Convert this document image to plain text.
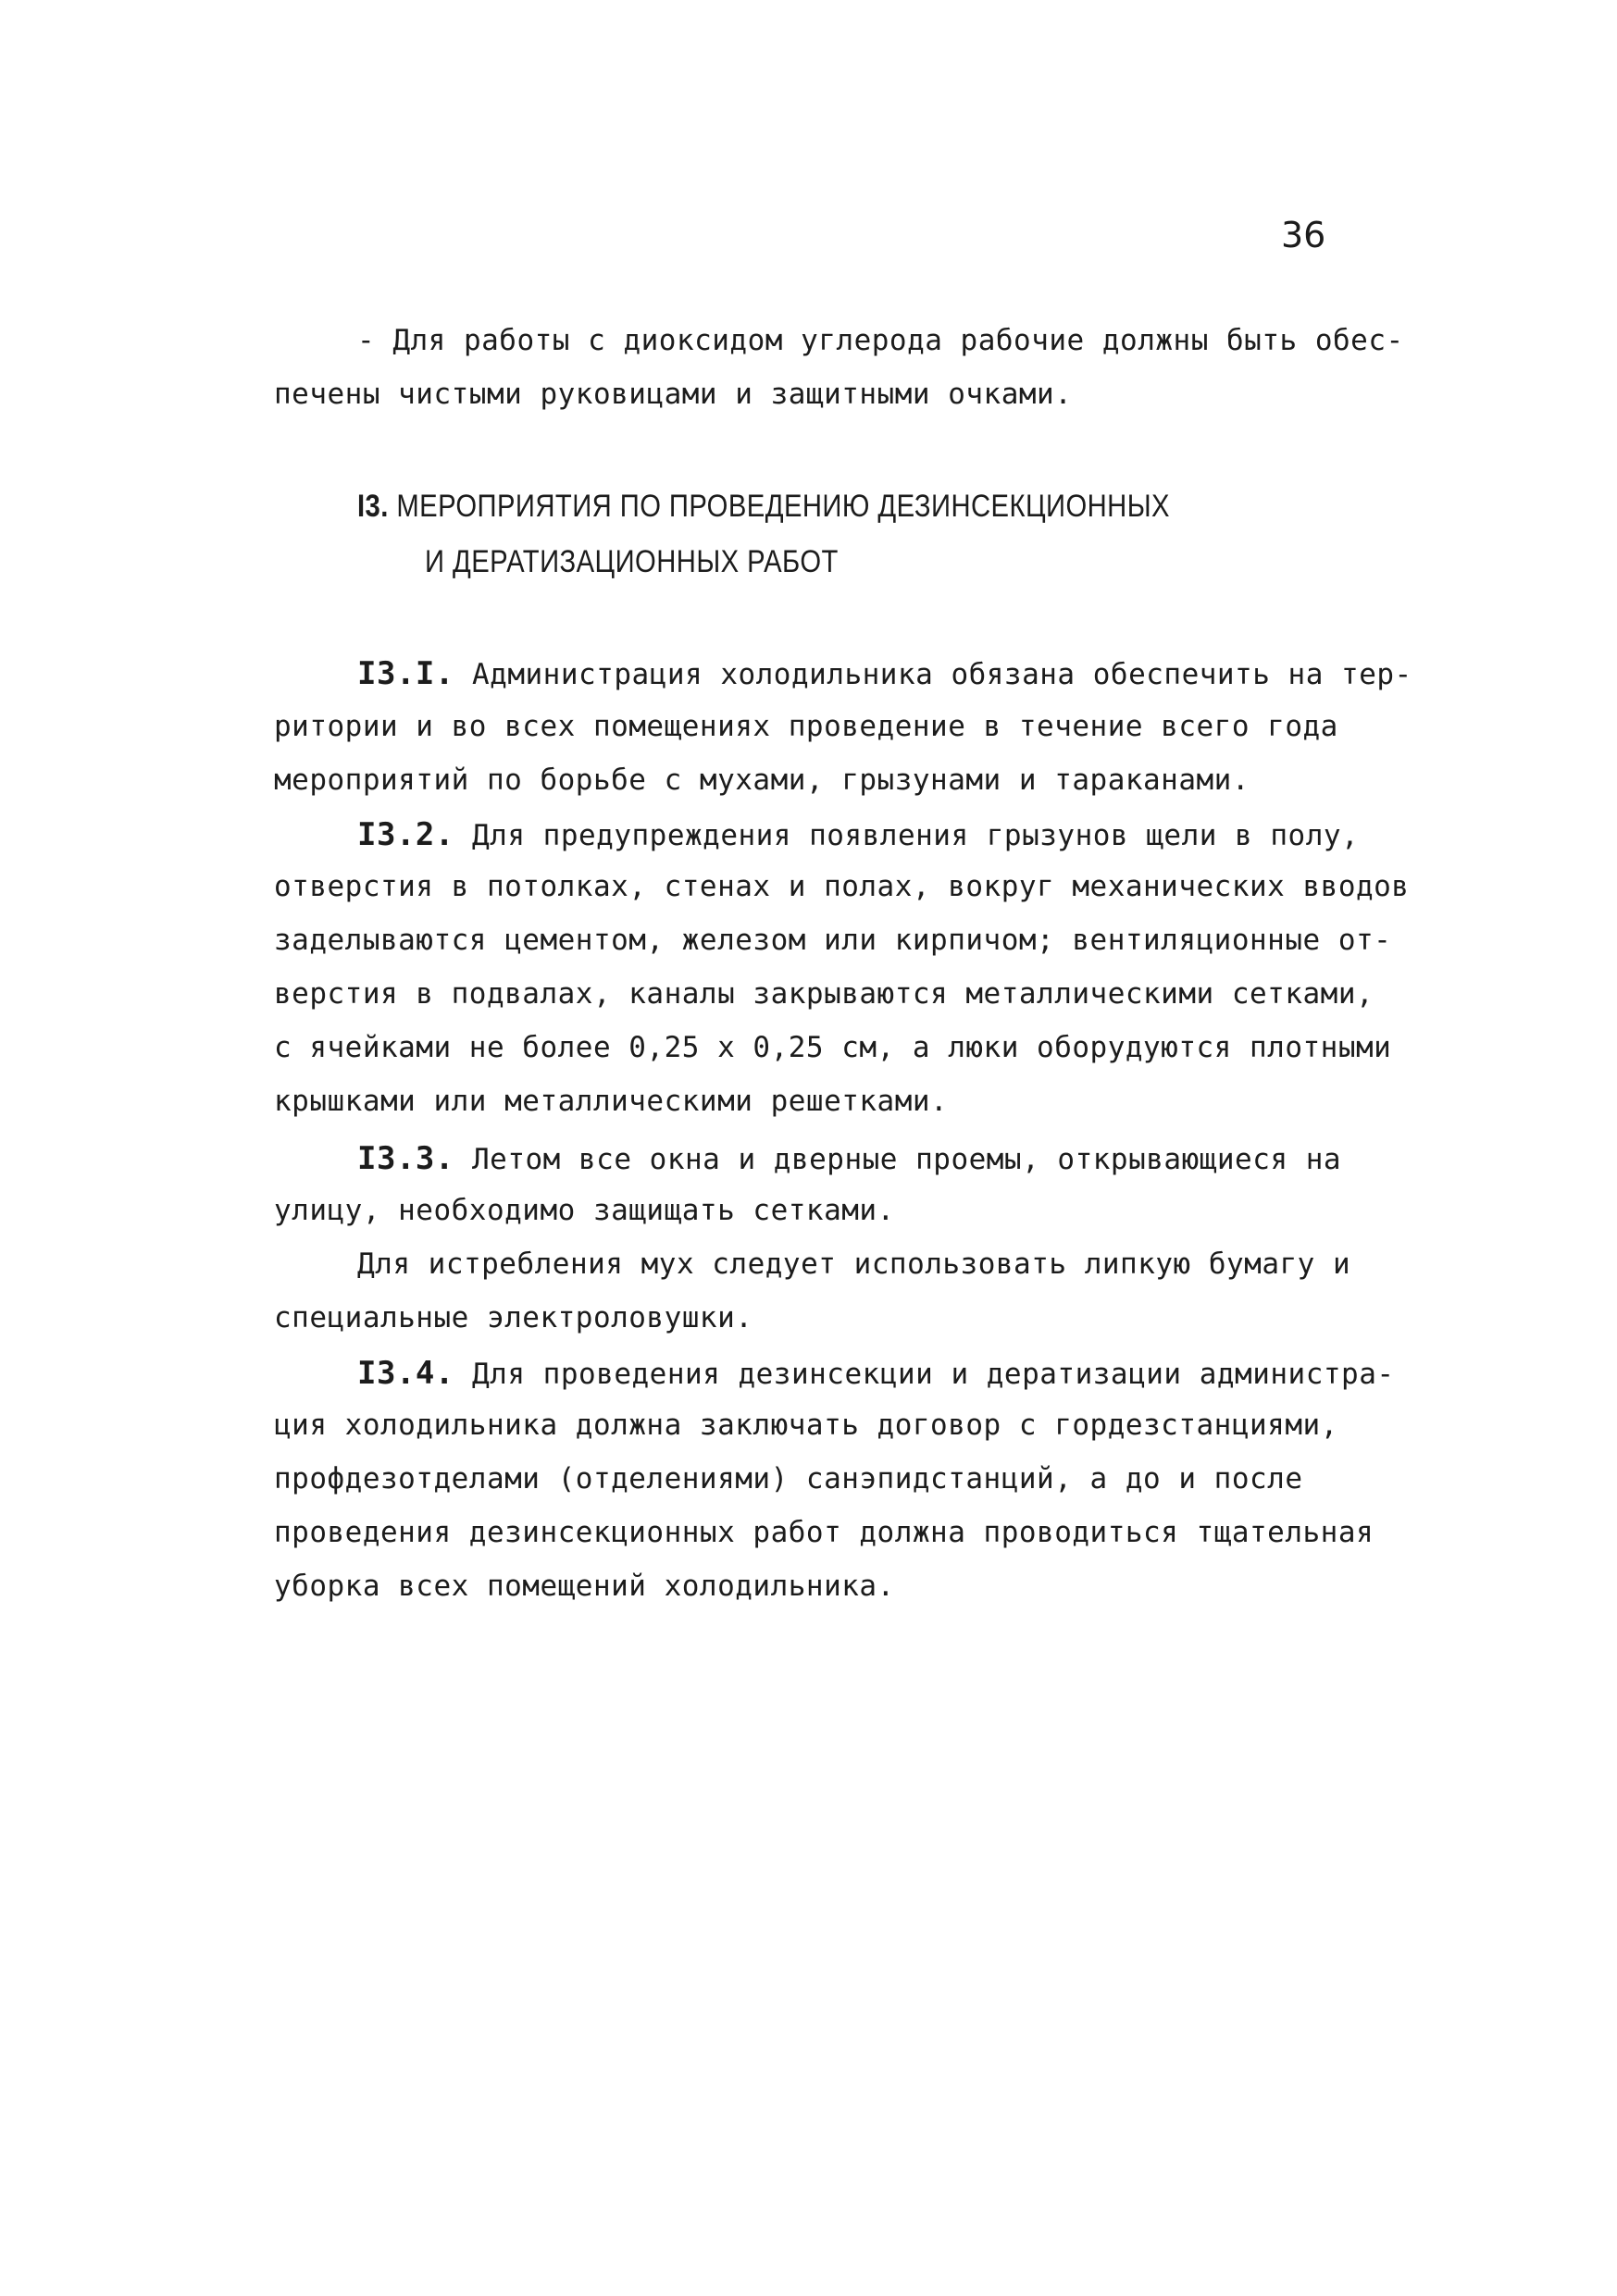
36
- Для работы с диоксидом углерода рабочие должны быть обес-
печены чистыми руковицами и защитными очками.
I3. МЕРОПРИЯТИЯ ПО ПРОВЕДЕНИЮ ДЕЗИНСЕКЦИОННЫХ
И ДЕРАТИЗАЦИОННЫХ РАБОТ
I3.I. Администрация холодильника обязана обеспечить на тер-
ритории и во всех помещениях проведение в течение всего года
мероприятий по борьбе с мухами, грызунами и тараканами.
I3.2. Для предупреждения появления грызунов щели в полу,
отверстия в потолках, стенах и полах, вокруг механических вводов
заделываются цементом, железом или кирпичом; вентиляционные от-
верстия в подвалах, каналы закрываются металлическими сетками,
с ячейками не более 0,25 х 0,25 см, а люки оборудуются плотными
крышками или металлическими решетками.
I3.3. Летом все окна и дверные проемы, открывающиеся на
улицу, необходимо защищать сетками.
Для истребления мух следует использовать липкую бумагу и
специальные электроловушки.
I3.4. Для проведения дезинсекции и дератизации администра-
ция холодильника должна заключать договор с гордезстанциями,
профдезотделами (отделениями) санэпидстанций, а до и после
проведения дезинсекционных работ должна проводиться тщательная
уборка всех помещений холодильника.
